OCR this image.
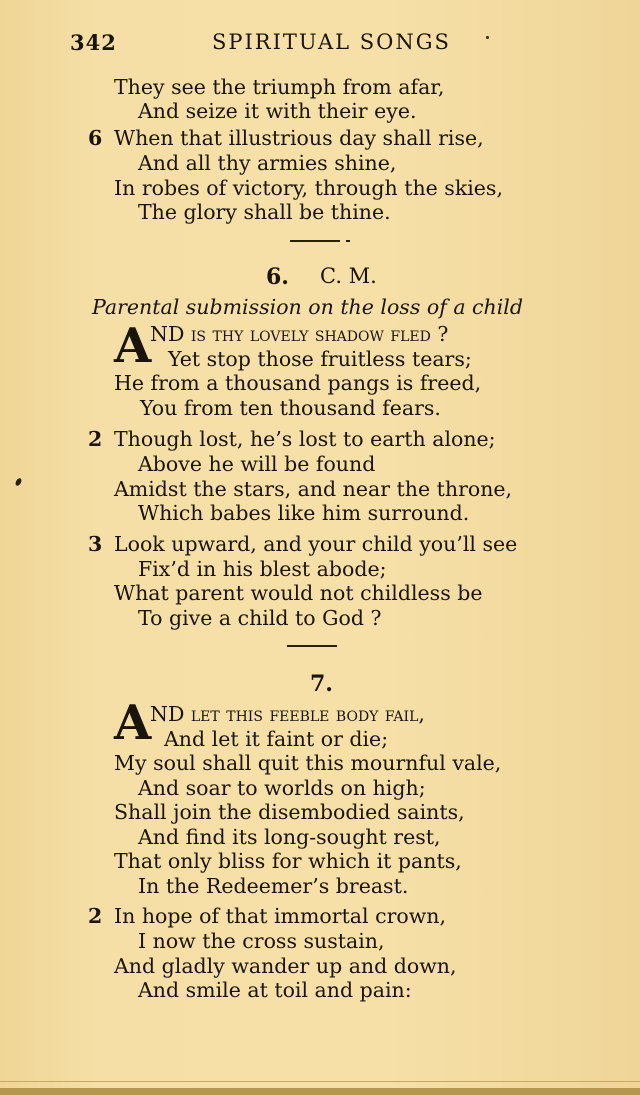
342	SPIRITUAL SONGS
They see the triumph from afar,
And seize it with their eye.
6 When that illustrious day shall rise,
And all thy armies shine,
In robes of victory, through the skies,
The glory shall be thine.
6. C. M.
Parental submission on the loss of a child
A
ND is thy lovely shadow fled ?
Yet stop those fruitless tears;
He from a thousand pangs is freed,
You from ten thousand fears.
2 Though lost, he’s lost to earth alone;
Above he will be found
Amidst the stars, and near the throne,
Which babes like him surround.
3 Look upward, and your child you’ll see
Fix’d in his blest abode;
What parent would not childless be
To give a child to God ?
7.
A
ND let this feeble body fail,
And let it faint or die;
My soul shall quit this mournful vale,
And soar to worlds on high;
Shall join the disembodied saints,
And find its long-sought rest,
That only bliss for which it pants,
In the Redeemer’s breast.
2 In hope of that immortal crown,
I now the cross sustain,
And gladly wander up and down,
And smile at toil and pain:
